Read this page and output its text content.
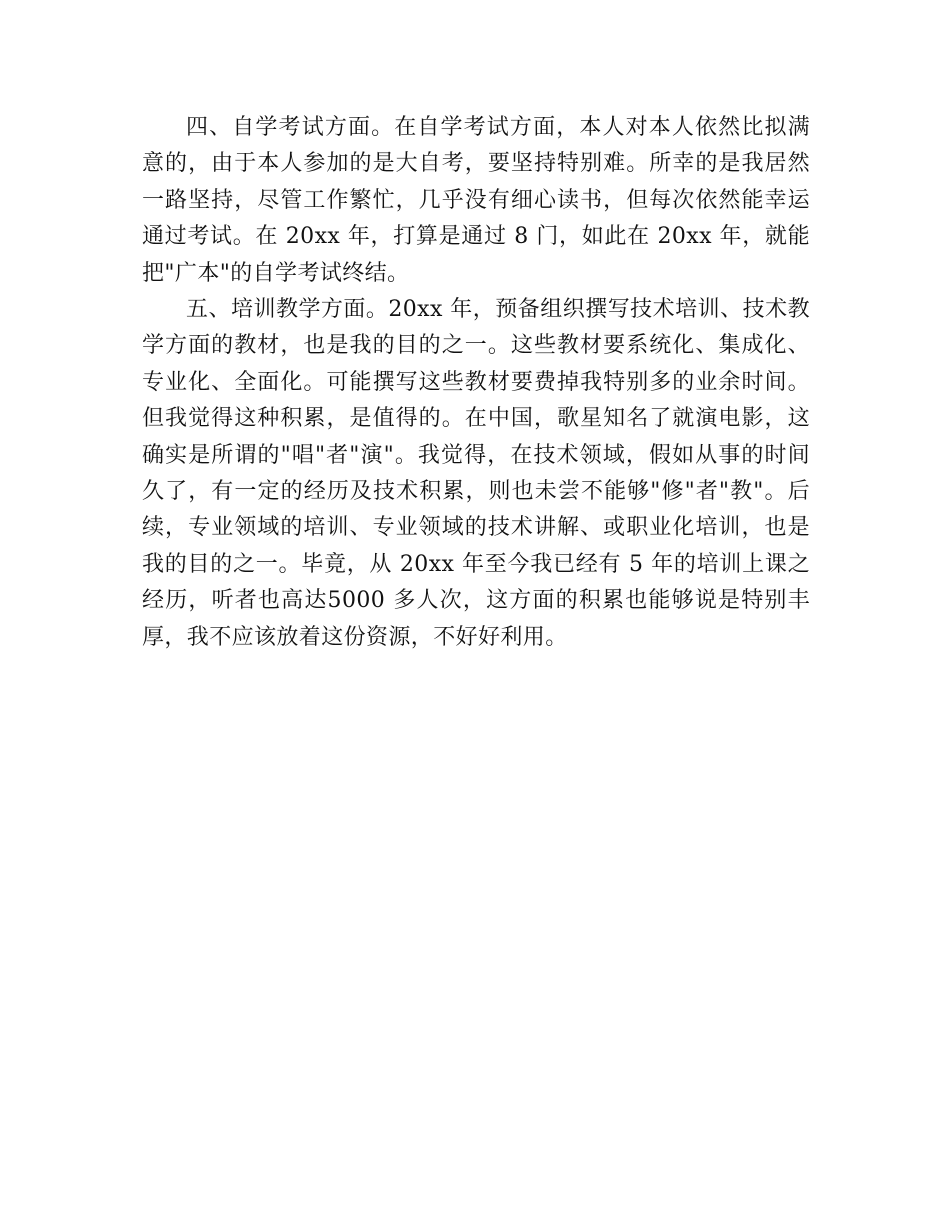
四、自学考试方面。在自学考试方面，本人对本人依然比拟满意的，由于本人参加的是大自考，要坚持特别难。所幸的是我居然一路坚持，尽管工作繁忙，几乎没有细心读书，但每次依然能幸运通过考试。在 20xx 年，打算是通过 8 门，如此在 20xx 年，就能把"广本"的自学考试终结。

五、培训教学方面。20xx 年，预备组织撰写技术培训、技术教学方面的教材，也是我的目的之一。这些教材要系统化、集成化、专业化、全面化。可能撰写这些教材要费掉我特别多的业余时间。但我觉得这种积累，是值得的。在中国，歌星知名了就演电影，这确实是所谓的"唱"者"演"。我觉得，在技术领域，假如从事的时间久了，有一定的经历及技术积累，则也未尝不能够"修"者"教"。后续，专业领域的培训、专业领域的技术讲解、或职业化培训，也是我的目的之一。毕竟，从 20xx 年至今我已经有 5 年的培训上课之经历，听者也高达5000 多人次，这方面的积累也能够说是特别丰厚，我不应该放着这份资源，不好好利用。
